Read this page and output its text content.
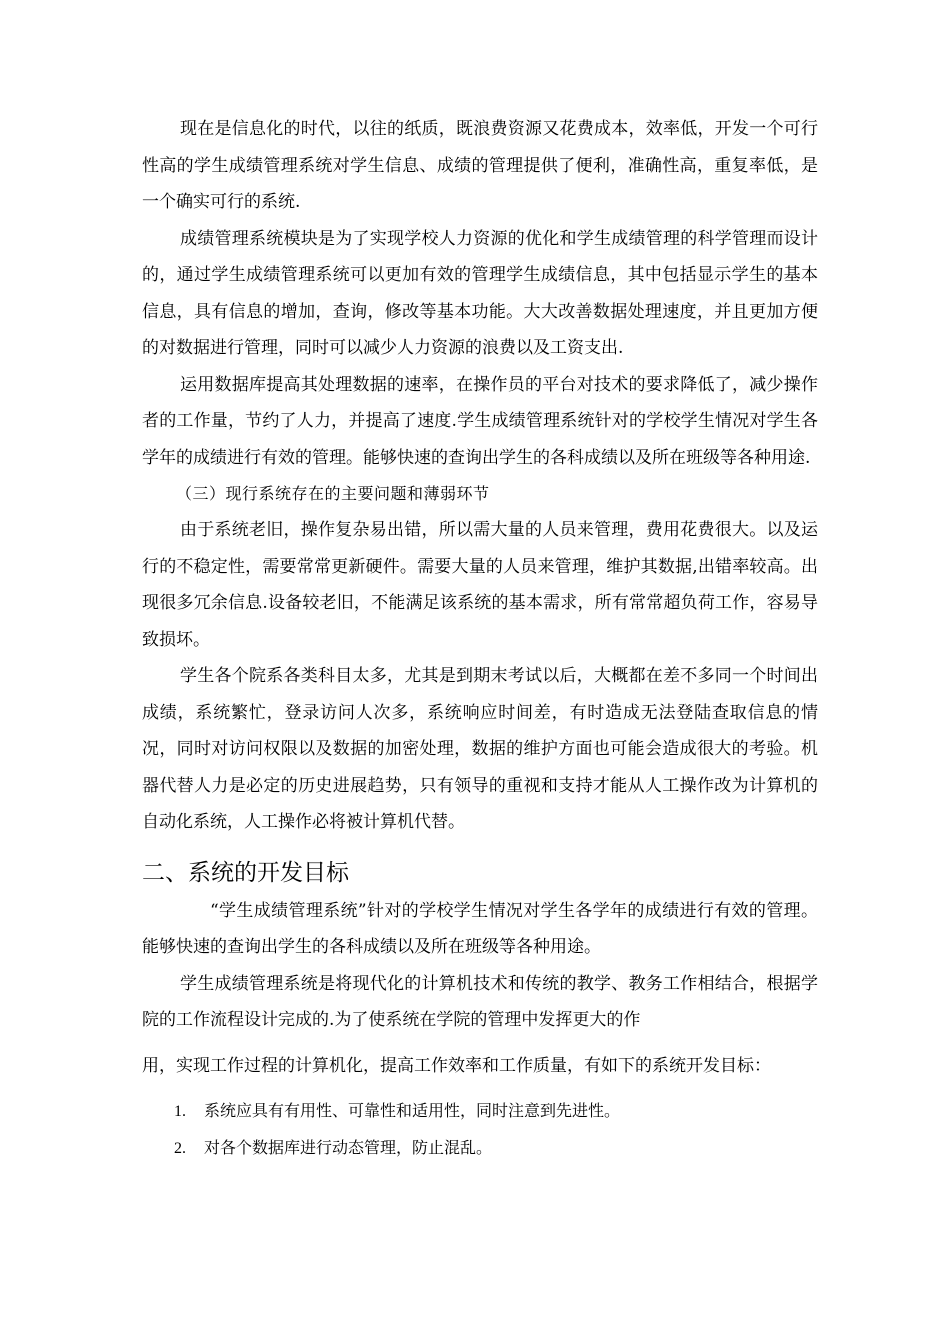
现在是信息化的时代，以往的纸质，既浪费资源又花费成本，效率低，开发一个可行性高的学生成绩管理系统对学生信息、成绩的管理提供了便利，准确性高，重复率低，是一个确实可行的系统.

成绩管理系统模块是为了实现学校人力资源的优化和学生成绩管理的科学管理而设计的，通过学生成绩管理系统可以更加有效的管理学生成绩信息，其中包括显示学生的基本信息，具有信息的增加，查询，修改等基本功能。大大改善数据处理速度，并且更加方便的对数据进行管理，同时可以减少人力资源的浪费以及工资支出.

运用数据库提高其处理数据的速率，在操作员的平台对技术的要求降低了，减少操作者的工作量，节约了人力，并提高了速度.学生成绩管理系统针对的学校学生情况对学生各学年的成绩进行有效的管理。能够快速的查询出学生的各科成绩以及所在班级等各种用途.

（三）现行系统存在的主要问题和薄弱环节

由于系统老旧，操作复杂易出错，所以需大量的人员来管理，费用花费很大。以及运行的不稳定性，需要常常更新硬件。需要大量的人员来管理，维护其数据,出错率较高。出现很多冗余信息.设备较老旧，不能满足该系统的基本需求，所有常常超负荷工作，容易导致损坏。

学生各个院系各类科目太多，尤其是到期末考试以后，大概都在差不多同一个时间出成绩，系统繁忙，登录访问人次多，系统响应时间差，有时造成无法登陆查取信息的情况，同时对访问权限以及数据的加密处理，数据的维护方面也可能会造成很大的考验。机器代替人力是必定的历史进展趋势，只有领导的重视和支持才能从人工操作改为计算机的自动化系统，人工操作必将被计算机代替。

二、系统的开发目标

“学生成绩管理系统”针对的学校学生情况对学生各学年的成绩进行有效的管理。能够快速的查询出学生的各科成绩以及所在班级等各种用途。

学生成绩管理系统是将现代化的计算机技术和传统的教学、教务工作相结合，根据学院的工作流程设计完成的.为了使系统在学院的管理中发挥更大的作

用，实现工作过程的计算机化，提高工作效率和工作质量，有如下的系统开发目标：

1. 系统应具有有用性、可靠性和适用性，同时注意到先进性。
2. 对各个数据库进行动态管理，防止混乱。
